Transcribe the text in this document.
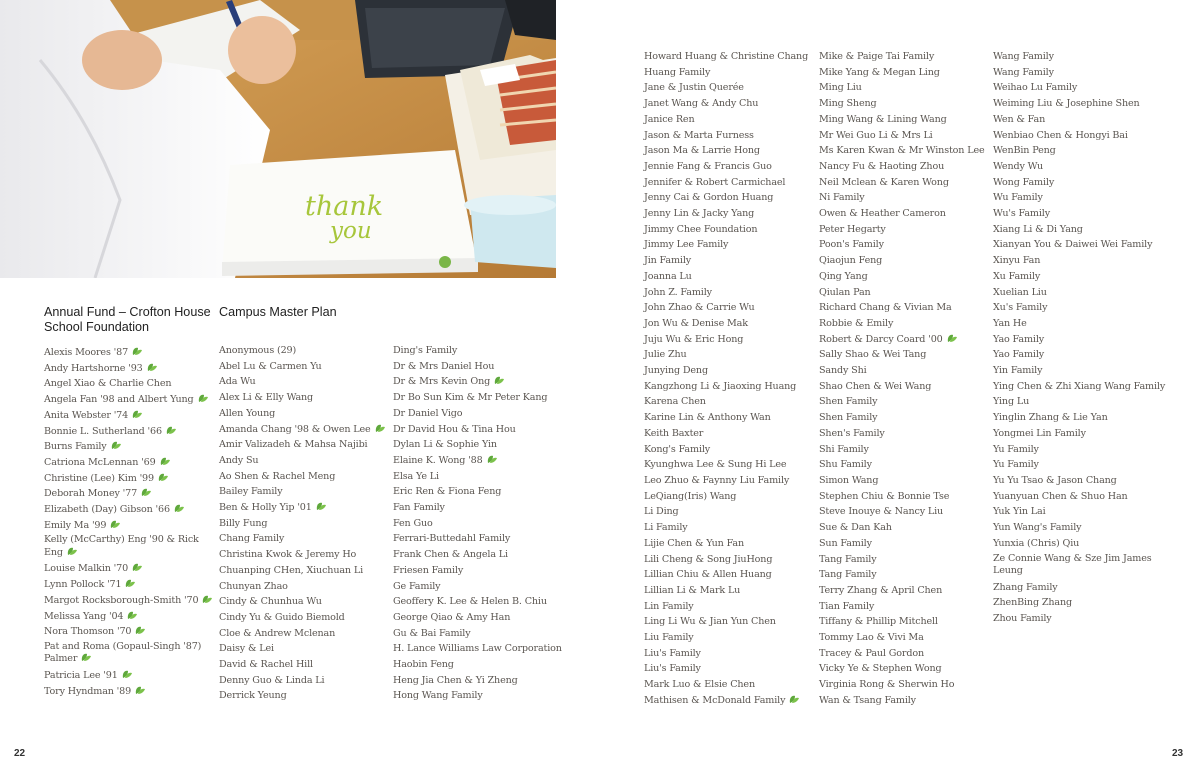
thank
you
Annual Fund – Crofton House School Foundation
Campus Master Plan
Alexis Moores '87
Andy Hartshorne '93
Angel Xiao & Charlie Chen
Angela Fan '98 and Albert Yung
Anita Webster '74
Bonnie L. Sutherland '66
Burns Family
Catriona McLennan '69
Christine (Lee) Kim '99
Deborah Money '77
Elizabeth (Day) Gibson '66
Emily Ma '99
Kelly (McCarthy) Eng '90 & Rick Eng
Louise Malkin '70
Lynn Pollock '71
Margot Rocksborough-Smith '70
Melissa Yang '04
Nora Thomson '70
Pat and Roma (Gopaul-Singh '87) Palmer
Patricia Lee '91
Tory Hyndman '89
Anonymous (29)
Abel Lu & Carmen Yu
Ada Wu
Alex Li & Elly Wang
Allen Young
Amanda Chang '98 & Owen Lee
Amir Valizadeh & Mahsa Najibi
Andy Su
Ao Shen & Rachel Meng
Bailey Family
Ben & Holly Yip '01
Billy Fung
Chang Family
Christina Kwok & Jeremy Ho
Chuanping CHen, Xiuchuan Li
Chunyan Zhao
Cindy & Chunhua Wu
Cindy Yu & Guido Biemold
Cloe & Andrew Mclenan
Daisy & Lei
David & Rachel Hill
Denny Guo & Linda Li
Derrick Yeung
Ding's Family
Dr & Mrs Daniel Hou
Dr & Mrs Kevin Ong
Dr Bo Sun Kim & Mr Peter Kang
Dr Daniel Vigo
Dr David Hou & Tina Hou
Dylan Li & Sophie Yin
Elaine K. Wong '88
Elsa Ye Li
Eric Ren & Fiona Feng
Fan Family
Fen Guo
Ferrari-Buttedahl Family
Frank Chen & Angela Li
Friesen Family
Ge Family
Geoffery K. Lee & Helen B. Chiu
George Qiao & Amy Han
Gu & Bai Family
H. Lance Williams Law Corporation
Haobin Feng
Heng Jia Chen & Yi Zheng
Hong Wang Family
Howard Huang & Christine Chang
Huang Family
Jane & Justin Querée
Janet Wang & Andy Chu
Janice Ren
Jason & Marta Furness
Jason Ma & Larrie Hong
Jennie Fang & Francis Guo
Jennifer & Robert Carmichael
Jenny Cai & Gordon Huang
Jenny Lin & Jacky Yang
Jimmy Chee Foundation
Jimmy Lee Family
Jin Family
Joanna Lu
John Z. Family
John Zhao & Carrie Wu
Jon Wu & Denise Mak
Juju Wu & Eric Hong
Julie Zhu
Junying Deng
Kangzhong Li & Jiaoxing Huang
Karena Chen
Karine Lin & Anthony Wan
Keith Baxter
Kong's Family
Kyunghwa Lee & Sung Hi Lee
Leo Zhuo & Faynny Liu Family
LeQiang(Iris) Wang
Li Ding
Li Family
Lijie Chen & Yun Fan
Lili Cheng & Song JiuHong
Lillian Chiu & Allen Huang
Lillian Li & Mark Lu
Lin Family
Ling Li Wu & Jian Yun Chen
Liu Family
Liu's Family
Liu's Family
Mark Luo & Elsie Chen
Mathisen & McDonald Family
Mike & Paige Tai Family
Mike Yang & Megan Ling
Ming Liu
Ming Sheng
Ming Wang & Lining Wang
Mr Wei Guo Li & Mrs Li
Ms Karen Kwan & Mr Winston Lee
Nancy Fu & Haoting Zhou
Neil Mclean & Karen Wong
Ni Family
Owen & Heather Cameron
Peter Hegarty
Poon's Family
Qiaojun Feng
Qing Yang
Qiulan Pan
Richard Chang & Vivian Ma
Robbie & Emily
Robert & Darcy Coard '00
Sally Shao & Wei Tang
Sandy Shi
Shao Chen & Wei Wang
Shen Family
Shen Family
Shen's Family
Shi Family
Shu Family
Simon Wang
Stephen Chiu & Bonnie Tse
Steve Inouye & Nancy Liu
Sue & Dan Kah
Sun Family
Tang Family
Tang Family
Terry Zhang & April Chen
Tian Family
Tiffany & Phillip Mitchell
Tommy Lao & Vivi Ma
Tracey & Paul Gordon
Vicky Ye & Stephen Wong
Virginia Rong & Sherwin Ho
Wan & Tsang Family
Wang Family
Wang Family
Weihao Lu Family
Weiming Liu & Josephine Shen
Wen & Fan
Wenbiao Chen & Hongyi Bai
WenBin Peng
Wendy Wu
Wong Family
Wu Family
Wu's Family
Xiang Li & Di Yang
Xianyan You & Daiwei Wei Family
Xinyu Fan
Xu Family
Xuelian Liu
Xu's Family
Yan He
Yao Family
Yao Family
Yin Family
Ying Chen & Zhi Xiang Wang Family
Ying Lu
Yinglin Zhang & Lie Yan
Yongmei Lin Family
Yu Family
Yu Family
Yu Yu Tsao & Jason Chang
Yuanyuan Chen & Shuo Han
Yuk Yin Lai
Yun Wang's Family
Yunxia (Chris) Qiu
Ze Connie Wang & Sze Jim James Leung
Zhang Family
ZhenBing Zhang
Zhou Family
22	23
